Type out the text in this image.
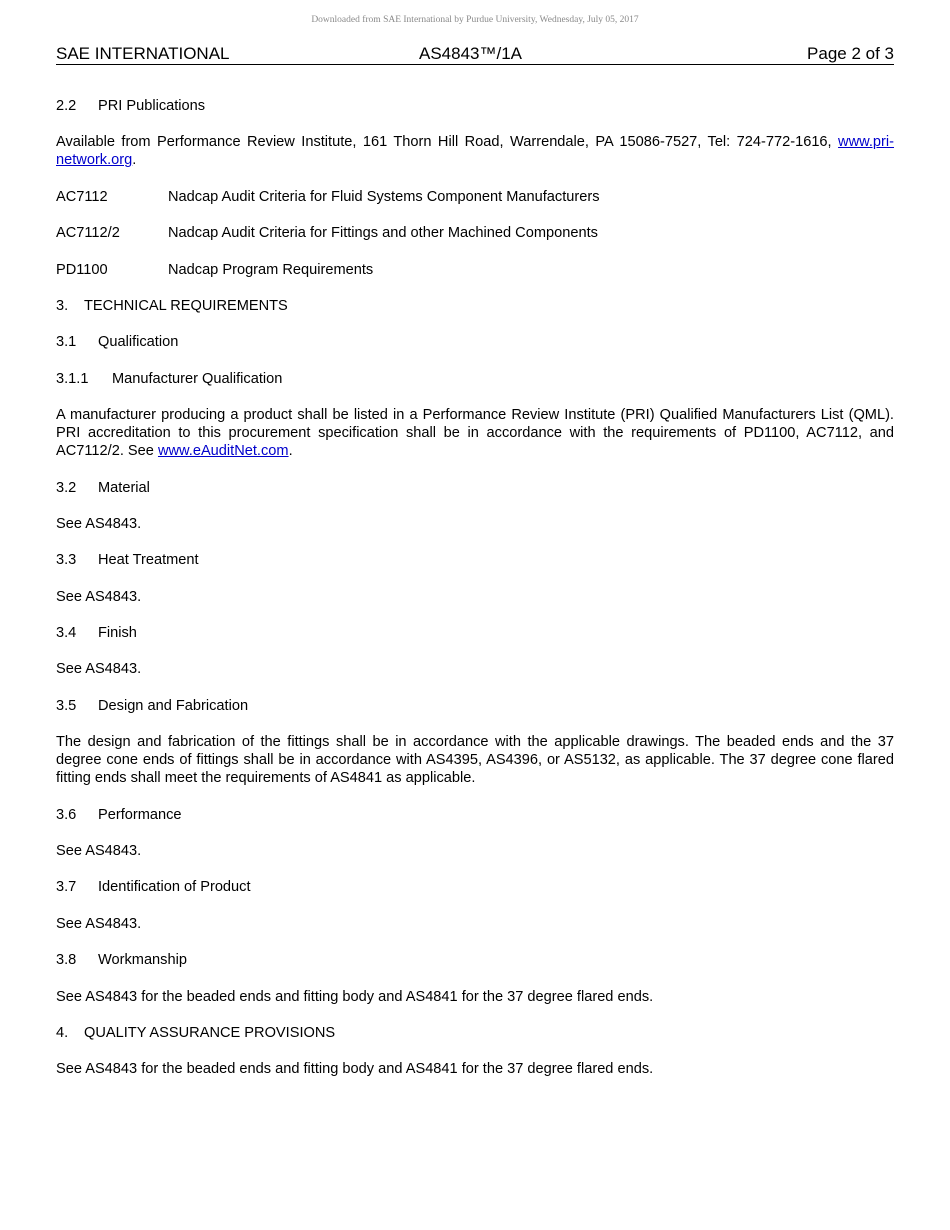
Downloaded from SAE International by Purdue University, Wednesday, July 05, 2017
SAE INTERNATIONAL	AS4843™/1A	Page 2 of 3
2.2 PRI Publications
Available from Performance Review Institute, 161 Thorn Hill Road, Warrendale, PA 15086-7527, Tel: 724-772-1616, www.pri-network.org.
AC7112	Nadcap Audit Criteria for Fluid Systems Component Manufacturers
AC7112/2	Nadcap Audit Criteria for Fittings and other Machined Components
PD1100	Nadcap Program Requirements
3. TECHNICAL REQUIREMENTS
3.1 Qualification
3.1.1 Manufacturer Qualification
A manufacturer producing a product shall be listed in a Performance Review Institute (PRI) Qualified Manufacturers List (QML). PRI accreditation to this procurement specification shall be in accordance with the requirements of PD1100, AC7112, and AC7112/2. See www.eAuditNet.com.
3.2 Material
See AS4843.
3.3 Heat Treatment
See AS4843.
3.4 Finish
See AS4843.
3.5 Design and Fabrication
The design and fabrication of the fittings shall be in accordance with the applicable drawings. The beaded ends and the 37 degree cone ends of fittings shall be in accordance with AS4395, AS4396, or AS5132, as applicable. The 37 degree cone flared fitting ends shall meet the requirements of AS4841 as applicable.
3.6 Performance
See AS4843.
3.7 Identification of Product
See AS4843.
3.8 Workmanship
See AS4843 for the beaded ends and fitting body and AS4841 for the 37 degree flared ends.
4. QUALITY ASSURANCE PROVISIONS
See AS4843 for the beaded ends and fitting body and AS4841 for the 37 degree flared ends.
